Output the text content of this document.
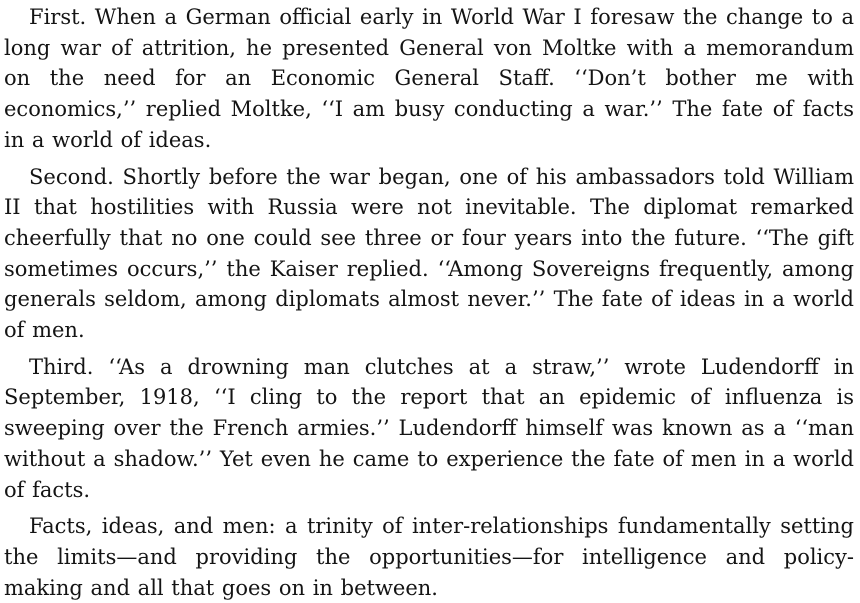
First. When a German official early in World War I foresaw the change to a long war of attrition, he presented General von Moltke with a memorandum on the need for an Economic General Staff. ‘‘Don’t bother me with economics,’’ replied Moltke, ‘‘I am busy conducting a war.’’ The fate of facts in a world of ideas.

Second. Shortly before the war began, one of his ambassadors told William II that hostilities with Russia were not inevitable. The diplomat remarked cheerfully that no one could see three or four years into the future. ‘‘The gift sometimes occurs,’’ the Kaiser replied. ‘‘Among Sovereigns frequently, among generals seldom, among diplomats almost never.’’ The fate of ideas in a world of men.

Third. ‘‘As a drowning man clutches at a straw,’’ wrote Ludendorff in September, 1918, ‘‘I cling to the report that an epidemic of influenza is sweeping over the French armies.’’ Ludendorff himself was known as a ‘‘man without a shadow.’’ Yet even he came to experience the fate of men in a world of facts.

Facts, ideas, and men: a trinity of inter-relationships fundamentally setting the limits—and providing the opportunities—for intelligence and policy-making and all that goes on in between.
